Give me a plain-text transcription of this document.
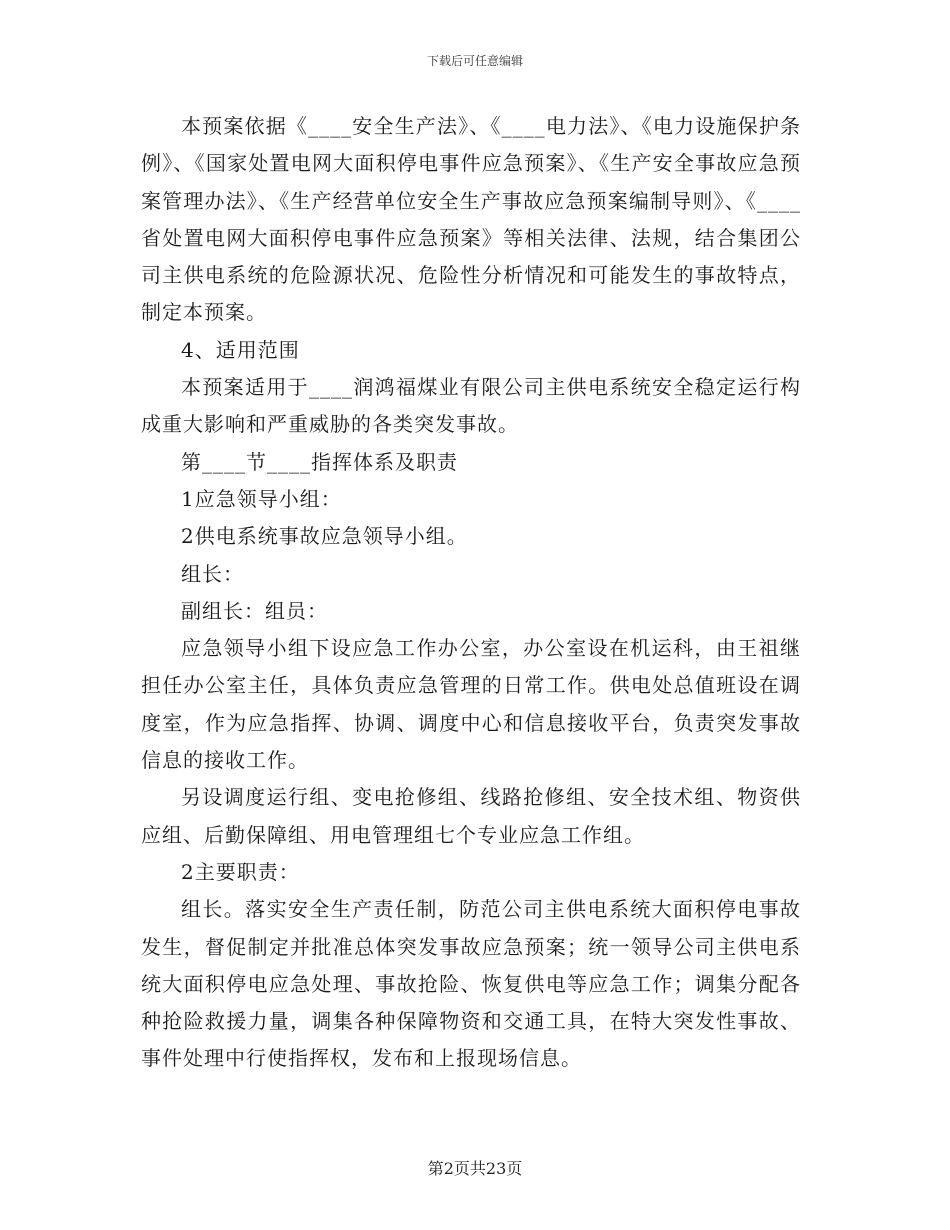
下载后可任意编辑

本预案依据《____安全生产法》、《____电力法》、《电力设施保护条例》、《国家处置电网大面积停电事件应急预案》、《生产安全事故应急预案管理办法》、《生产经营单位安全生产事故应急预案编制导则》、《____省处置电网大面积停电事件应急预案》等相关法律、法规，结合集团公司主供电系统的危险源状况、危险性分析情况和可能发生的事故特点，制定本预案。

4、适用范围

本预案适用于____润鸿福煤业有限公司主供电系统安全稳定运行构成重大影响和严重威胁的各类突发事故。

第____节____指挥体系及职责

1应急领导小组：

2供电系统事故应急领导小组。

组长：

副组长：组员：

应急领导小组下设应急工作办公室，办公室设在机运科，由王祖继担任办公室主任，具体负责应急管理的日常工作。供电处总值班设在调度室，作为应急指挥、协调、调度中心和信息接收平台，负责突发事故信息的接收工作。

另设调度运行组、变电抢修组、线路抢修组、安全技术组、物资供应组、后勤保障组、用电管理组七个专业应急工作组。

2主要职责：

组长。落实安全生产责任制，防范公司主供电系统大面积停电事故发生，督促制定并批准总体突发事故应急预案；统一领导公司主供电系统大面积停电应急处理、事故抢险、恢复供电等应急工作；调集分配各种抢险救援力量，调集各种保障物资和交通工具，在特大突发性事故、事件处理中行使指挥权，发布和上报现场信息。

第2页共23页
